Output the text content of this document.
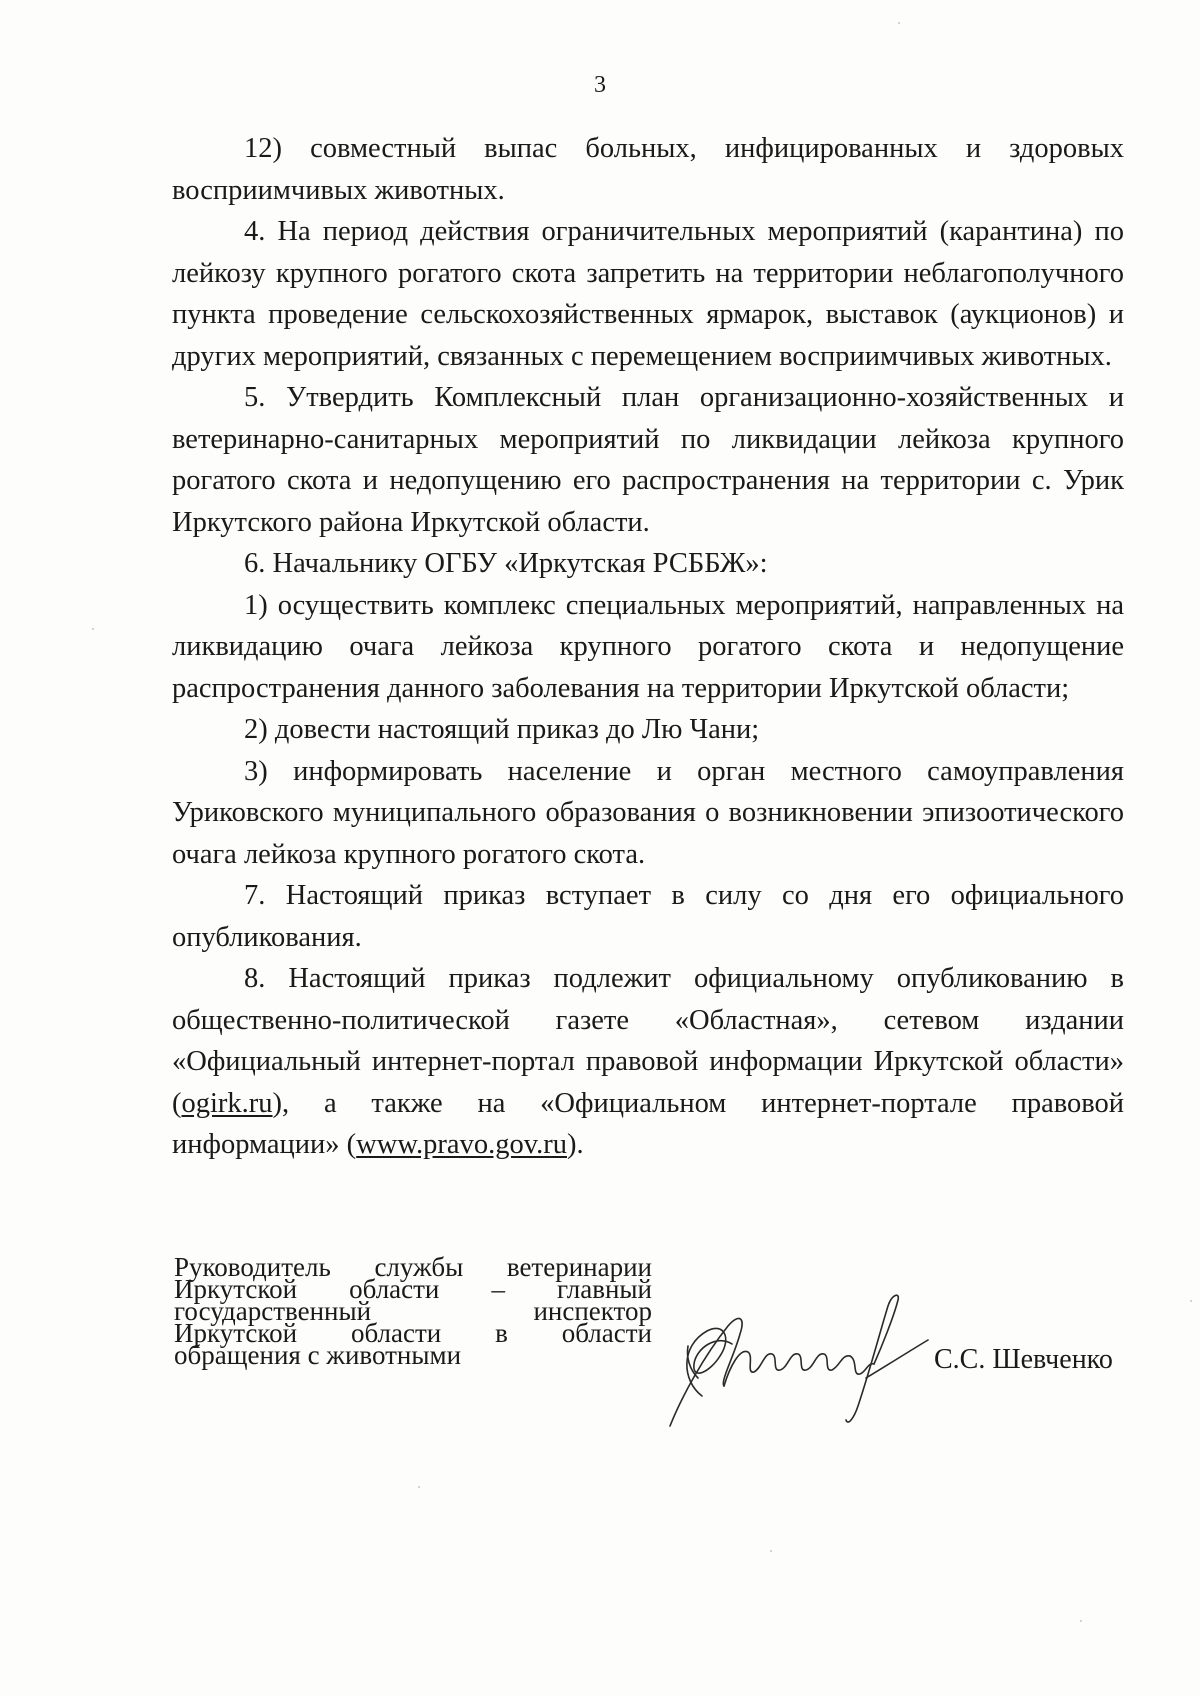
3

12) совместный выпас больных, инфицированных и здоровых восприимчивых животных.

4. На период действия ограничительных мероприятий (карантина) по лейкозу крупного рогатого скота запретить на территории неблагополучного пункта проведение сельскохозяйственных ярмарок, выставок (аукционов) и других мероприятий, связанных с перемещением восприимчивых животных.

5. Утвердить Комплексный план организационно-хозяйственных и ветеринарно-санитарных мероприятий по ликвидации лейкоза крупного рогатого скота и недопущению его распространения на территории с. Урик Иркутского района Иркутской области.

6. Начальнику ОГБУ «Иркутская РСББЖ»:

1) осуществить комплекс специальных мероприятий, направленных на ликвидацию очага лейкоза крупного рогатого скота и недопущение распространения данного заболевания на территории Иркутской области;

2) довести настоящий приказ до Лю Чани;

3) информировать население и орган местного самоуправления Уриковского муниципального образования о возникновении эпизоотического очага лейкоза крупного рогатого скота.

7. Настоящий приказ вступает в силу со дня его официального опубликования.

8. Настоящий приказ подлежит официальному опубликованию в общественно-политической газете «Областная», сетевом издании «Официальный интернет-портал правовой информации Иркутской области» (ogirk.ru), а также на «Официальном интернет-портале правовой информации» (www.pravo.gov.ru).

Руководитель службы ветеринарии
Иркутской области – главный
государственный инспектор
Иркутской области в области
обращения с животными	С.С. Шевченко
